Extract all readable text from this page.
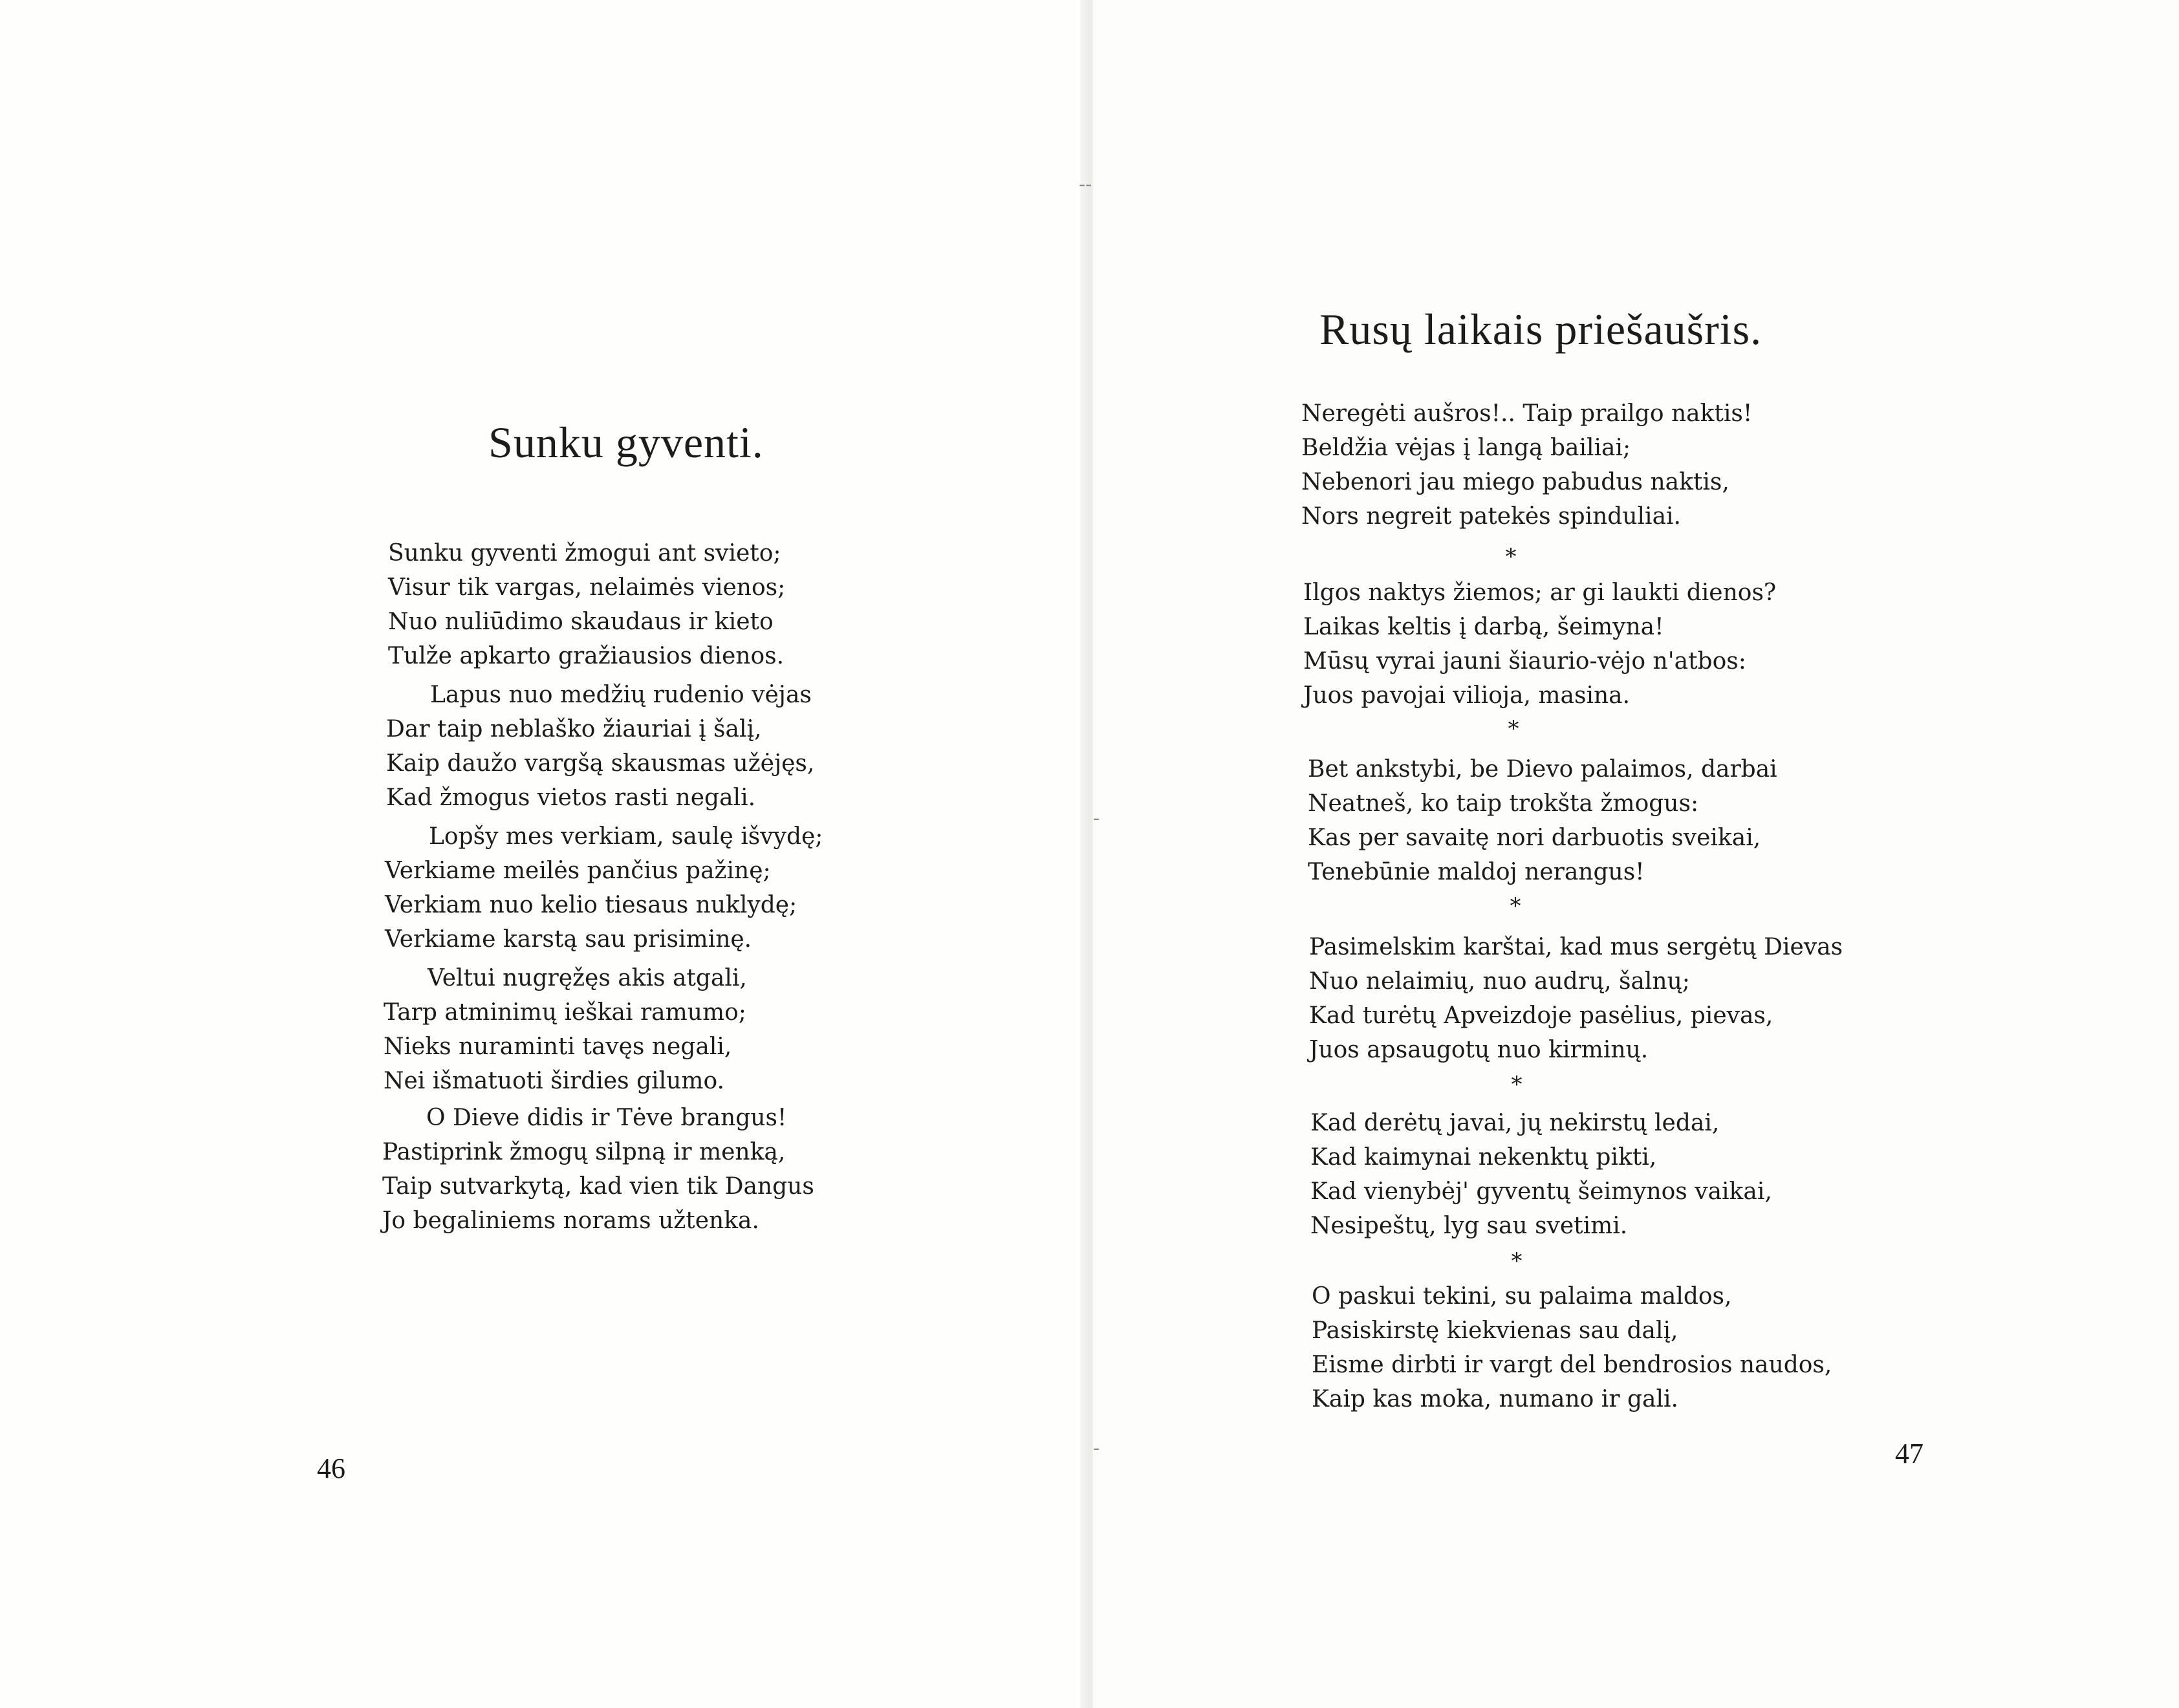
Sunku gyventi.
Sunku gyventi žmogui ant svieto;
Visur tik vargas, nelaimės vienos;
Nuo nuliūdimo skaudaus ir kieto
Tulže apkarto gražiausios dienos.
Lapus nuo medžių rudenio vėjas
Dar taip neblaško žiauriai į šalį,
Kaip daužo vargšą skausmas užėjęs,
Kad žmogus vietos rasti negali.
Lopšy mes verkiam, saulę išvydę;
Verkiame meilės pančius pažinę;
Verkiam nuo kelio tiesaus nuklydę;
Verkiame karstą sau prisiminę.
Veltui nugręžęs akis atgali,
Tarp atminimų ieškai ramumo;
Nieks nuraminti tavęs negali,
Nei išmatuoti širdies gilumo.
O Dieve didis ir Tėve brangus!
Pastiprink žmogų silpną ir menką,
Taip sutvarkytą, kad vien tik Dangus
Jo begaliniems norams užtenka.
46
Rusų laikais priešaušris.
Neregėti aušros!.. Taip prailgo naktis!
Beldžia vėjas į langą bailiai;
Nebenori jau miego pabudus naktis,
Nors negreit patekės spinduliai.
*
Ilgos naktys žiemos; ar gi laukti dienos?
Laikas keltis į darbą, šeimyna!
Mūsų vyrai jauni šiaurio-vėjo n'atbos:
Juos pavojai vilioja, masina.
*
Bet ankstybi, be Dievo palaimos, darbai
Neatneš, ko taip trokšta žmogus:
Kas per savaitę nori darbuotis sveikai,
Tenebūnie maldoj nerangus!
*
Pasimelskim karštai, kad mus sergėtų Dievas
Nuo nelaimių, nuo audrų, šalnų;
Kad turėtų Apveizdoje pasėlius, pievas,
Juos apsaugotų nuo kirminų.
*
Kad derėtų javai, jų nekirstų ledai,
Kad kaimynai nekenktų pikti,
Kad vienybėj' gyventų šeimynos vaikai,
Nesipeštų, lyg sau svetimi.
*
O paskui tekini, su palaima maldos,
Pasiskirstę kiekvienas sau dalį,
Eisme dirbti ir vargt del bendrosios naudos,
Kaip kas moka, numano ir gali.
47
‐‑
‑
‑
